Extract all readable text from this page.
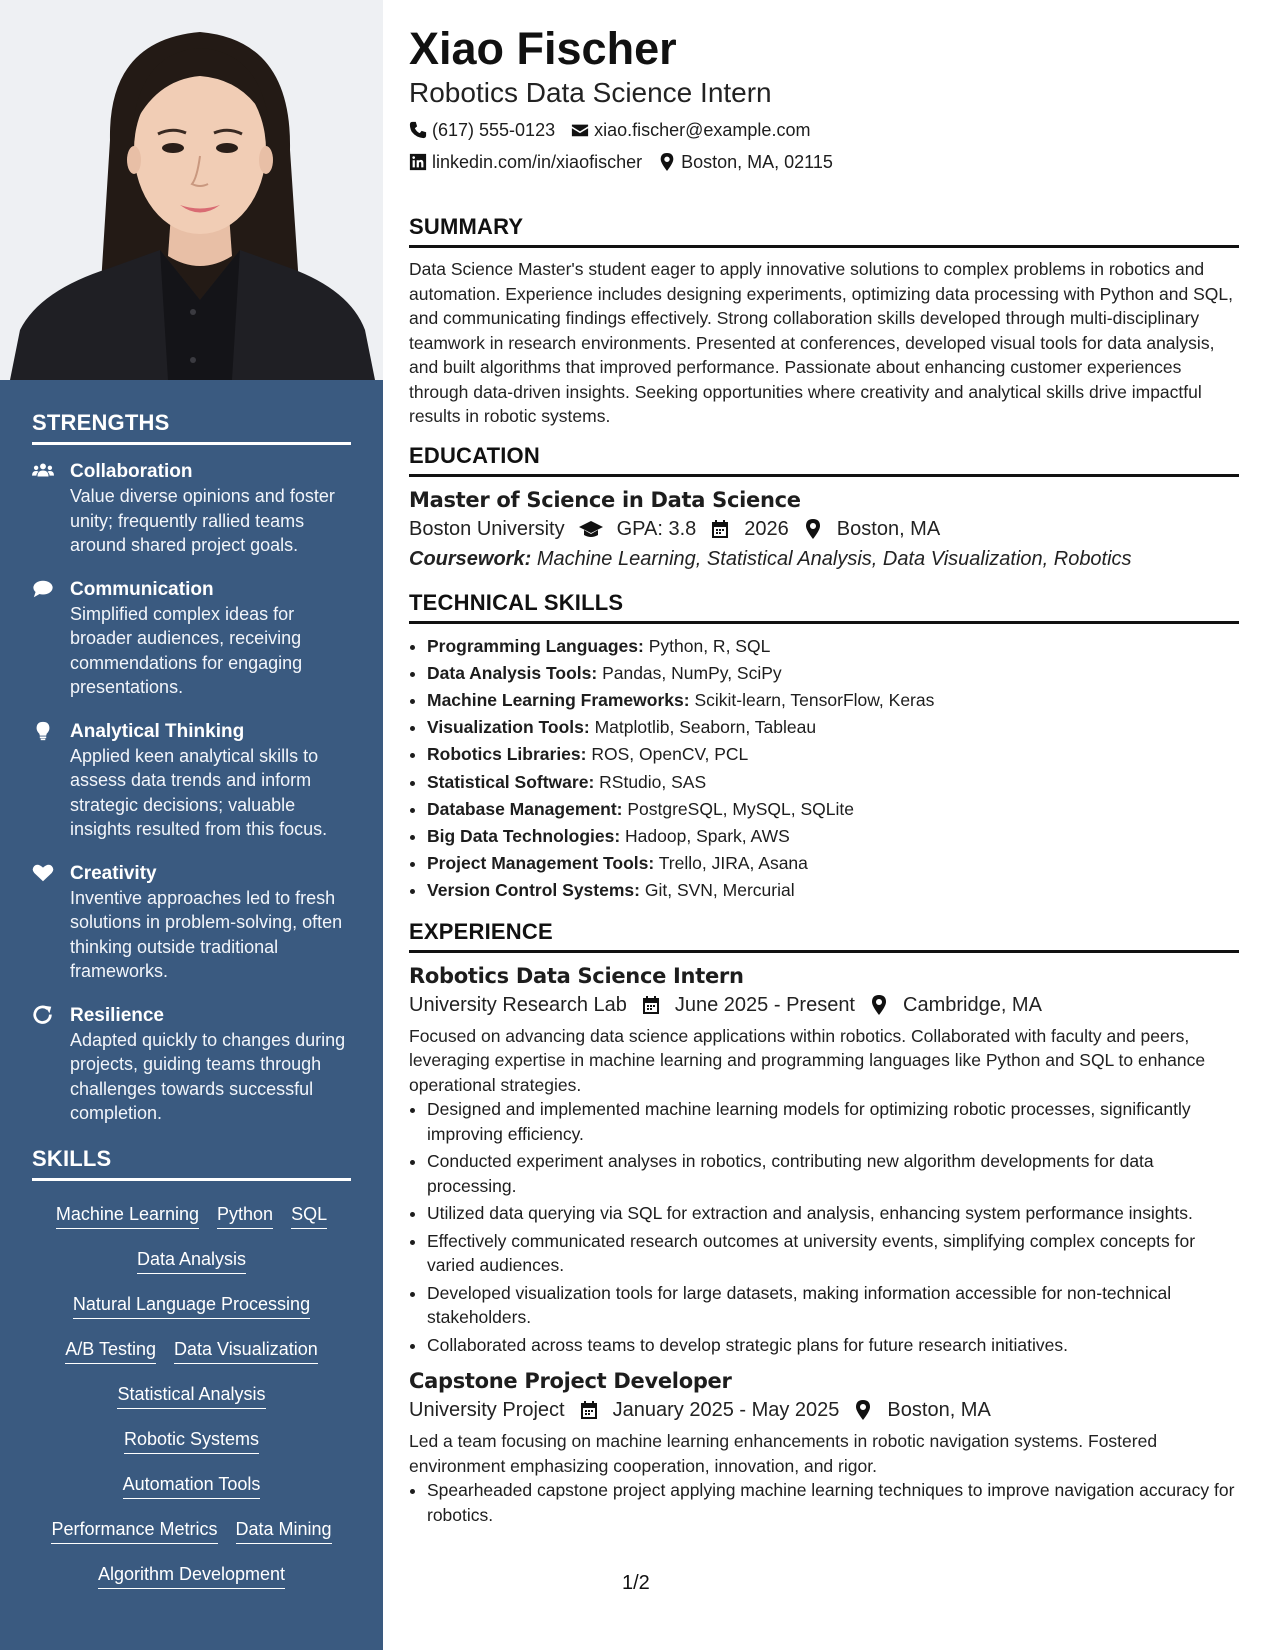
STRENGTHS
Collaboration
Value diverse opinions and foster unity; frequently rallied teams around shared project goals.
Communication
Simplified complex ideas for broader audiences, receiving commendations for engaging presentations.
Analytical Thinking
Applied keen analytical skills to assess data trends and inform strategic decisions; valuable insights resulted from this focus.
Creativity
Inventive approaches led to fresh solutions in problem-solving, often thinking outside traditional frameworks.
Resilience
Adapted quickly to changes during projects, guiding teams through challenges towards successful completion.
SKILLS
Machine Learning Python SQL
Data Analysis
Natural Language Processing
A/B Testing Data Visualization
Statistical Analysis
Robotic Systems
Automation Tools
Performance Metrics Data Mining
Algorithm Development
Xiao Fischer
Robotics Data Science Intern
(617) 555-0123 xiao.fischer@example.com
linkedin.com/in/xiaofischer Boston, MA, 02115
SUMMARY
Data Science Master's student eager to apply innovative solutions to complex problems in robotics and automation. Experience includes designing experiments, optimizing data processing with Python and SQL, and communicating findings effectively. Strong collaboration skills developed through multi-disciplinary teamwork in research environments. Presented at conferences, developed visual tools for data analysis, and built algorithms that improved performance. Passionate about enhancing customer experiences through data-driven insights. Seeking opportunities where creativity and analytical skills drive impactful results in robotic systems.
EDUCATION
Master of Science in Data Science
Boston University	GPA: 3.8 2026 Boston, MA
Coursework: Machine Learning, Statistical Analysis, Data Visualization, Robotics
TECHNICAL SKILLS
• Programming Languages: Python, R, SQL
• Data Analysis Tools: Pandas, NumPy, SciPy
• Machine Learning Frameworks: Scikit-learn, TensorFlow, Keras
• Visualization Tools: Matplotlib, Seaborn, Tableau
• Robotics Libraries: ROS, OpenCV, PCL
• Statistical Software: RStudio, SAS
• Database Management: PostgreSQL, MySQL, SQLite
• Big Data Technologies: Hadoop, Spark, AWS
• Project Management Tools: Trello, JIRA, Asana
• Version Control Systems: Git, SVN, Mercurial
EXPERIENCE
Robotics Data Science Intern
University Research Lab June 2025 - Present Cambridge, MA
Focused on advancing data science applications within robotics. Collaborated with faculty and peers, leveraging expertise in machine learning and programming languages like Python and SQL to enhance operational strategies.
• Designed and implemented machine learning models for optimizing robotic processes, significantly improving efficiency.
• Conducted experiment analyses in robotics, contributing new algorithm developments for data processing.
• Utilized data querying via SQL for extraction and analysis, enhancing system performance insights.
• Effectively communicated research outcomes at university events, simplifying complex concepts for varied audiences.
• Developed visualization tools for large datasets, making information accessible for non-technical stakeholders.
• Collaborated across teams to develop strategic plans for future research initiatives.
Capstone Project Developer
University Project January 2025 - May 2025 Boston, MA
Led a team focusing on machine learning enhancements in robotic navigation systems. Fostered environment emphasizing cooperation, innovation, and rigor.
• Spearheaded capstone project applying machine learning techniques to improve navigation accuracy for robotics.
1/2
